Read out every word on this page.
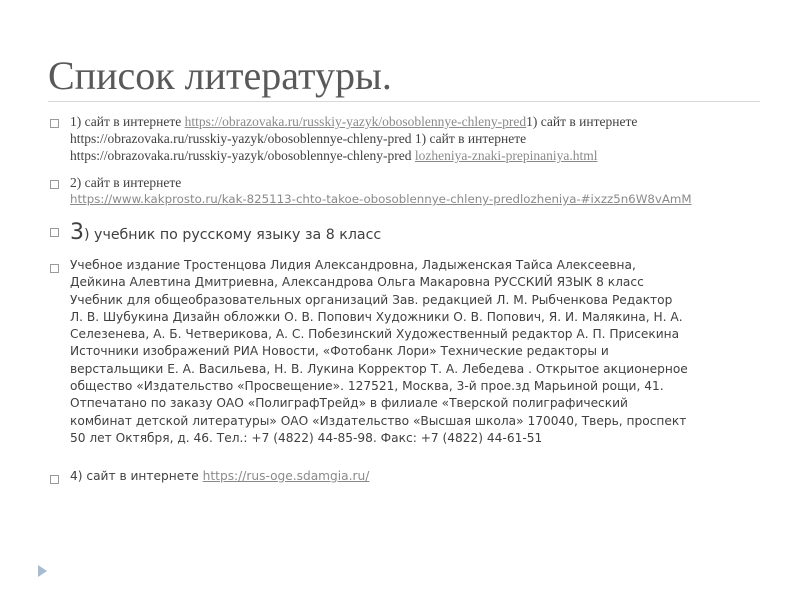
Список литературы.
1) сайт в интернете https://obrazovaka.ru/russkiy-yazyk/obosoblennye-chleny-pred1) сайт в интернете
https://obrazovaka.ru/russkiy-yazyk/obosoblennye-chleny-pred 1) сайт в интернете
https://obrazovaka.ru/russkiy-yazyk/obosoblennye-chleny-pred lozheniya-znaki-prepinaniya.html
2) сайт в интернете
https://www.kakprosto.ru/kak-825113-chto-takoe-obosoblennye-chleny-predlozheniya-#ixzz5n6W8vAmM
3) учебник по русскому языку за 8 класс
Учебное издание Тростенцова Лидия Александровна, Ладыженская Тайса Алексеевна,
Дейкина Алевтина Дмитриевна, Александрова Ольга Макаровна РУССКИЙ ЯЗЫК 8 класс
Учебник для общеобразовательных организаций Зав. редакцией Л. М. Рыбченкова Редактор
Л. В. Шубукина Дизайн обложки О. В. Попович Художники О. В. Попович, Я. И. Малякина, Н. А.
Селезенева, А. Б. Четверикова, А. С. Побезинский Художественный редактор А. П. Присекина
Источники изображений РИА Новости, «Фотобанк Лори» Технические редакторы и
верстальщики Е. А. Васильева, Н. В. Лукина Корректор Т. А. Лебедева . Открытое акционерное
общество «Издательство «Просвещение». 127521, Москва, 3-й прое.зд Марьиной рощи, 41.
Отпечатано по заказу ОАО «ПолиграфТрейд» в филиале «Тверской полиграфический
комбинат детской литературы» ОАО «Издательство «Высшая школа» 170040, Тверь, проспект
50 лет Октября, д. 46. Тел.: +7 (4822) 44-85-98. Факс: +7 (4822) 44-61-51
4) сайт в интернете https://rus-oge.sdamgia.ru/
